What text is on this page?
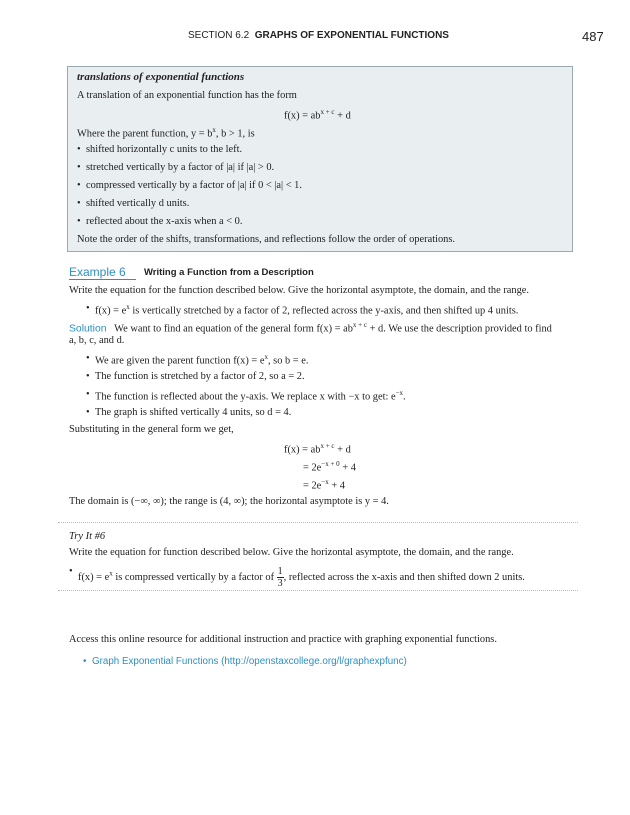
SECTION 6.2 GRAPHS OF EXPONENTIAL FUNCTIONS	487
translations of exponential functions
A translation of an exponential function has the form
$f(x) = ab^{x + c} + d$
Where the parent function, $y = b^x$, b > 1, is
• shifted horizontally c units to the left.
• stretched vertically by a factor of |a| if |a| > 0.
• compressed vertically by a factor of |a| if 0 < |a| < 1.
• shifted vertically d units.
• reflected about the x-axis when a < 0.
Note the order of the shifts, transformations, and reflections follow the order of operations.
Example 6	Writing a Function from a Description
Write the equation for the function described below. Give the horizontal asymptote, the domain, and the range.
• $f(x) = e^x$ is vertically stretched by a factor of 2, reflected across the y-axis, and then shifted up 4 units.
Solution We want to find an equation of the general form $f(x) = ab^{x + c} + d$. We use the description provided to find
a, b, c, and d.
• We are given the parent function $f(x) = e^x$, so b = e.
• The function is stretched by a factor of 2, so a = 2.
• The function is reflected about the y-axis. We replace x with −x to get: $e^{-x}$.
• The graph is shifted vertically 4 units, so d = 4.
Substituting in the general form we get,
$f(x) = ab^{x + c} + d$
= $2e^{-x + 0} + 4$
= $2e^{-x} + 4$
The domain is (−∞, ∞); the range is (4, ∞); the horizontal asymptote is y = 4.
Try It #6
Write the equation for function described below. Give the horizontal asymptote, the domain, and the range.
• $f(x) = e^x$ is compressed vertically by a factor of $\frac{1}{3}$ , reflected across the x-axis and then shifted down 2 units.
Access this online resource for additional instruction and practice with graphing exponential functions.
• Graph Exponential Functions (http://openstaxcollege.org/l/graphexpfunc)
